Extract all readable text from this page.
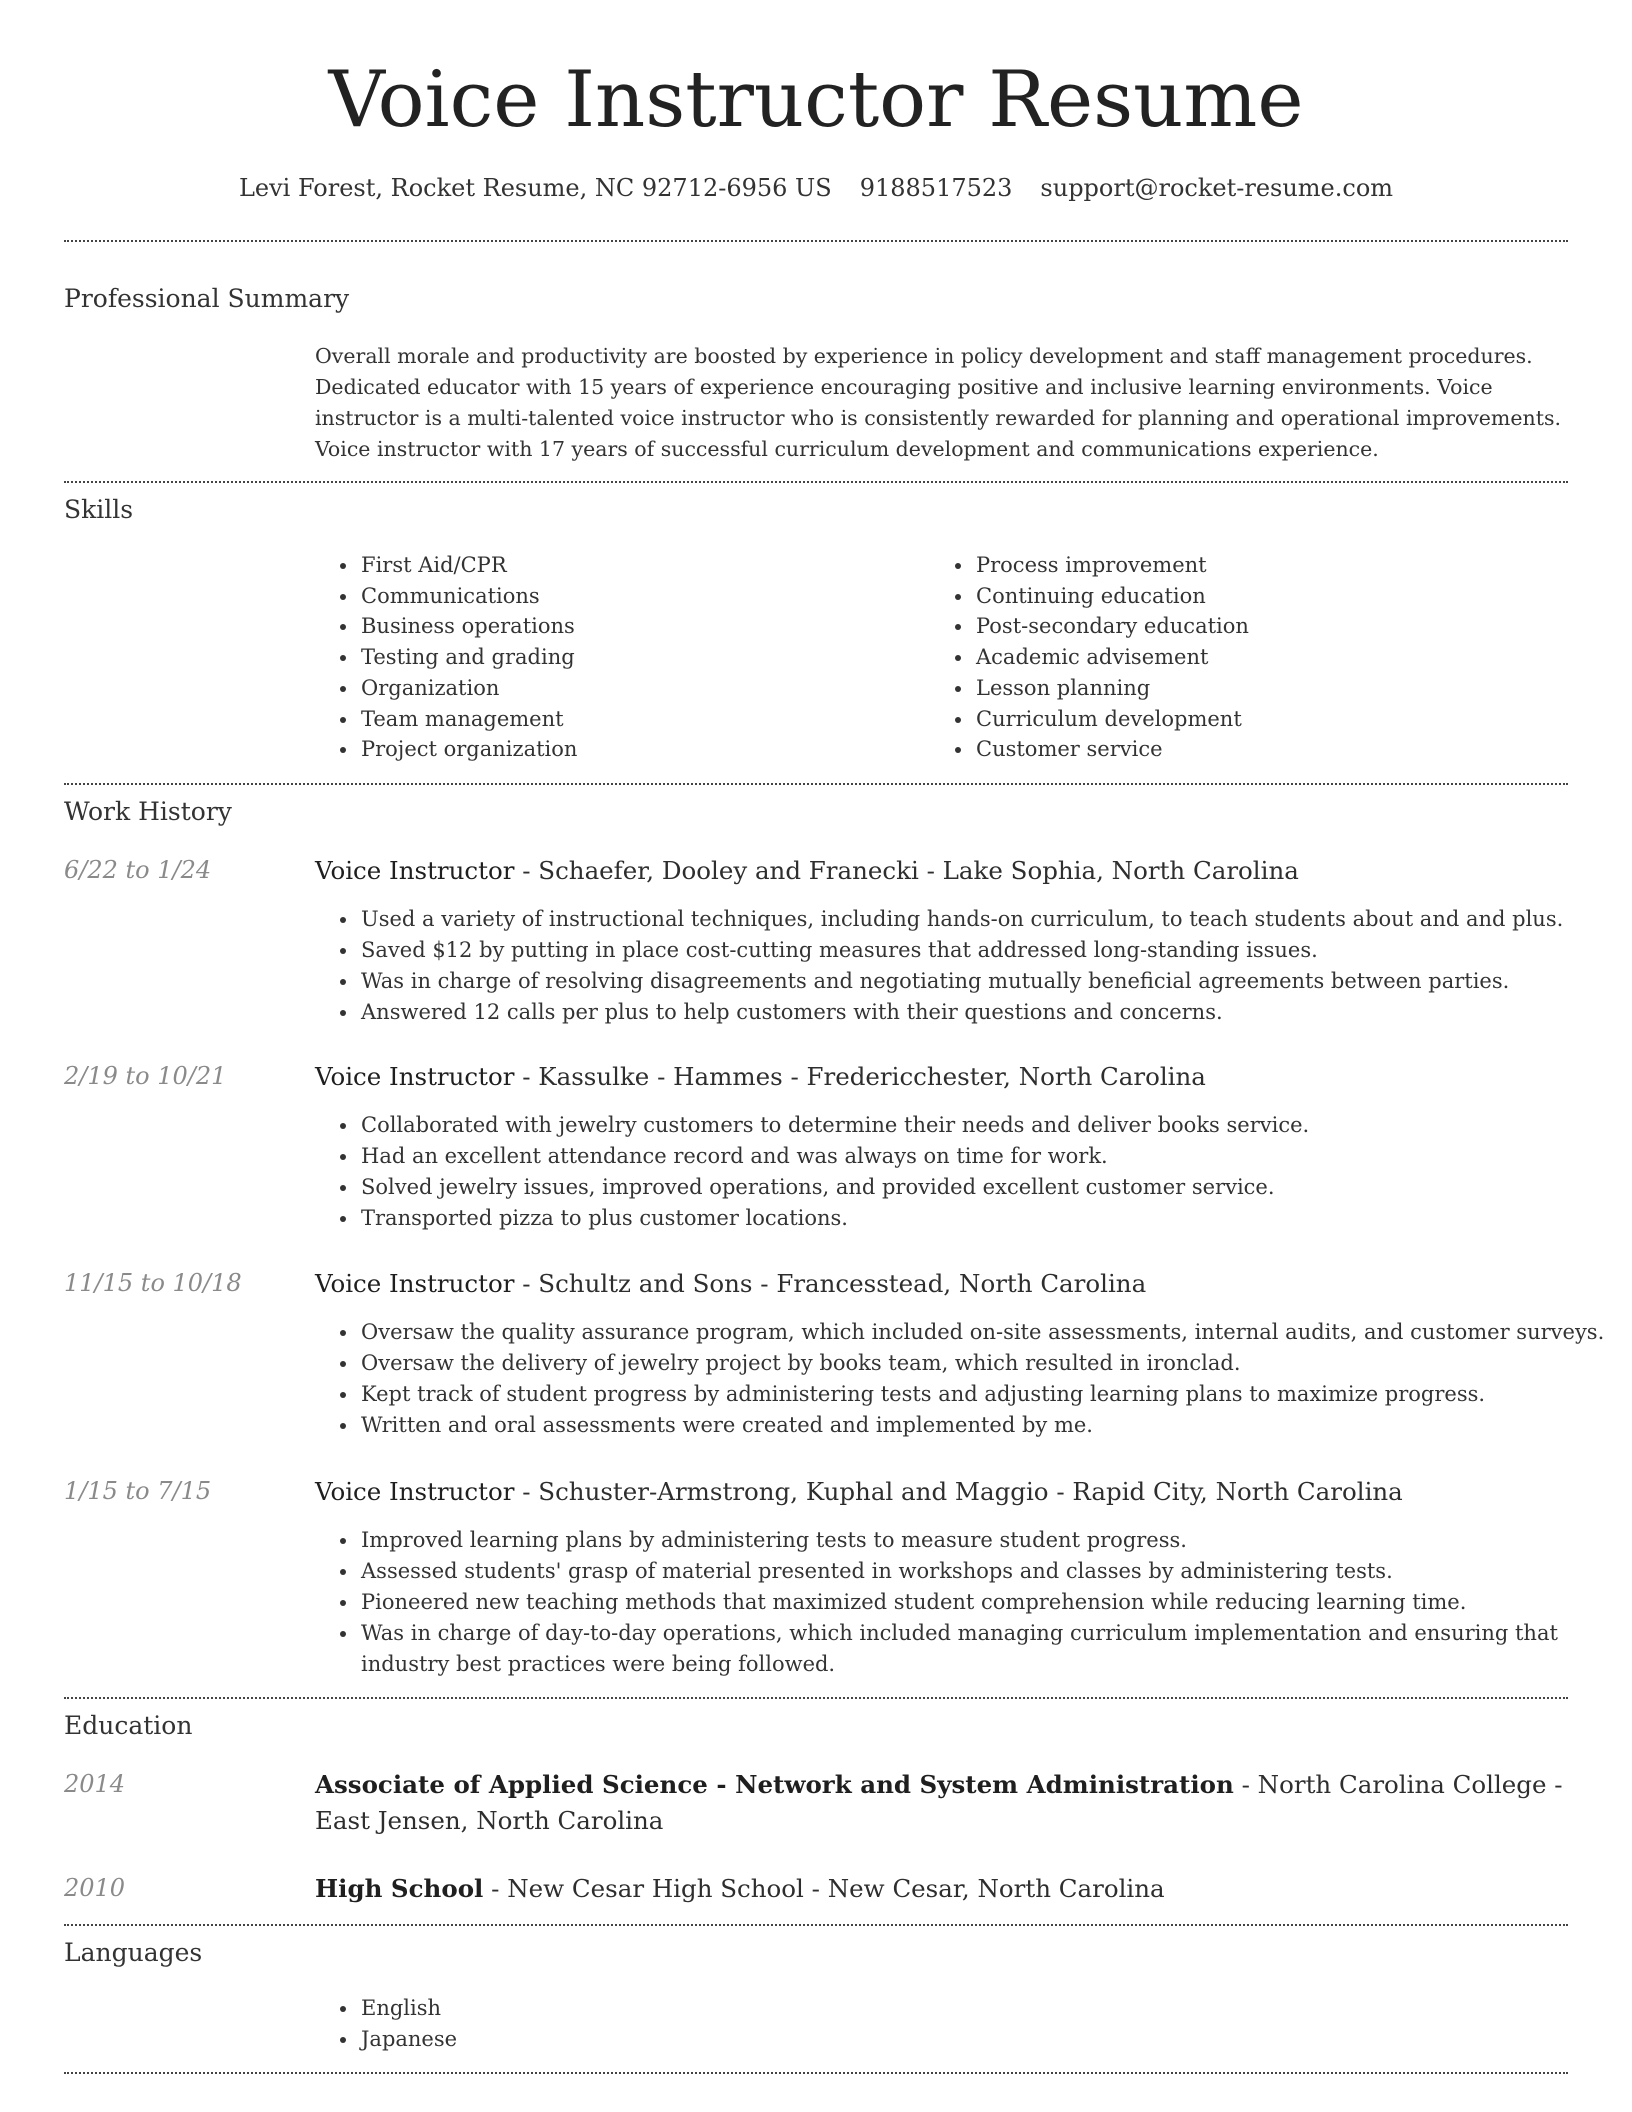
Voice Instructor Resume
Levi Forest, Rocket Resume, NC 92712-6956 US 9188517523 support@rocket-resume.com
Professional Summary

Overall morale and productivity are boosted by experience in policy development and staff management procedures. Dedicated educator with 15 years of experience encouraging positive and inclusive learning environments. Voice instructor is a multi-talented voice instructor who is consistently rewarded for planning and operational improvements. Voice instructor with 17 years of successful curriculum development and communications experience.

Skills
• First Aid/CPR
• Communications
• Business operations
• Testing and grading
• Organization
• Team management
• Project organization
• Process improvement
• Continuing education
• Post-secondary education
• Academic advisement
• Lesson planning
• Curriculum development
• Customer service
Work History
6/22 to 1/24	Voice Instructor - Schaefer, Dooley and Franecki - Lake Sophia, North Carolina
• Used a variety of instructional techniques, including hands-on curriculum, to teach students about and and plus.
• Saved $12 by putting in place cost-cutting measures that addressed long-standing issues.
• Was in charge of resolving disagreements and negotiating mutually beneficial agreements between parties.
• Answered 12 calls per plus to help customers with their questions and concerns.
2/19 to 10/21	Voice Instructor - Kassulke - Hammes - Fredericchester, North Carolina
• Collaborated with jewelry customers to determine their needs and deliver books service.
• Had an excellent attendance record and was always on time for work.
• Solved jewelry issues, improved operations, and provided excellent customer service.
• Transported pizza to plus customer locations.
11/15 to 10/18	Voice Instructor - Schultz and Sons - Francesstead, North Carolina
• Oversaw the quality assurance program, which included on-site assessments, internal audits, and customer surveys.
• Oversaw the delivery of jewelry project by books team, which resulted in ironclad.
• Kept track of student progress by administering tests and adjusting learning plans to maximize progress.
• Written and oral assessments were created and implemented by me.
1/15 to 7/15	Voice Instructor - Schuster-Armstrong, Kuphal and Maggio - Rapid City, North Carolina
• Improved learning plans by administering tests to measure student progress.
• Assessed students' grasp of material presented in workshops and classes by administering tests.
• Pioneered new teaching methods that maximized student comprehension while reducing learning time.
• Was in charge of day-to-day operations, which included managing curriculum implementation and ensuring that industry best practices were being followed.
Education
2014	Associate of Applied Science - Network and System Administration - North Carolina College - East Jensen, North Carolina
2010	High School - New Cesar High School - New Cesar, North Carolina
Languages
• English
• Japanese
